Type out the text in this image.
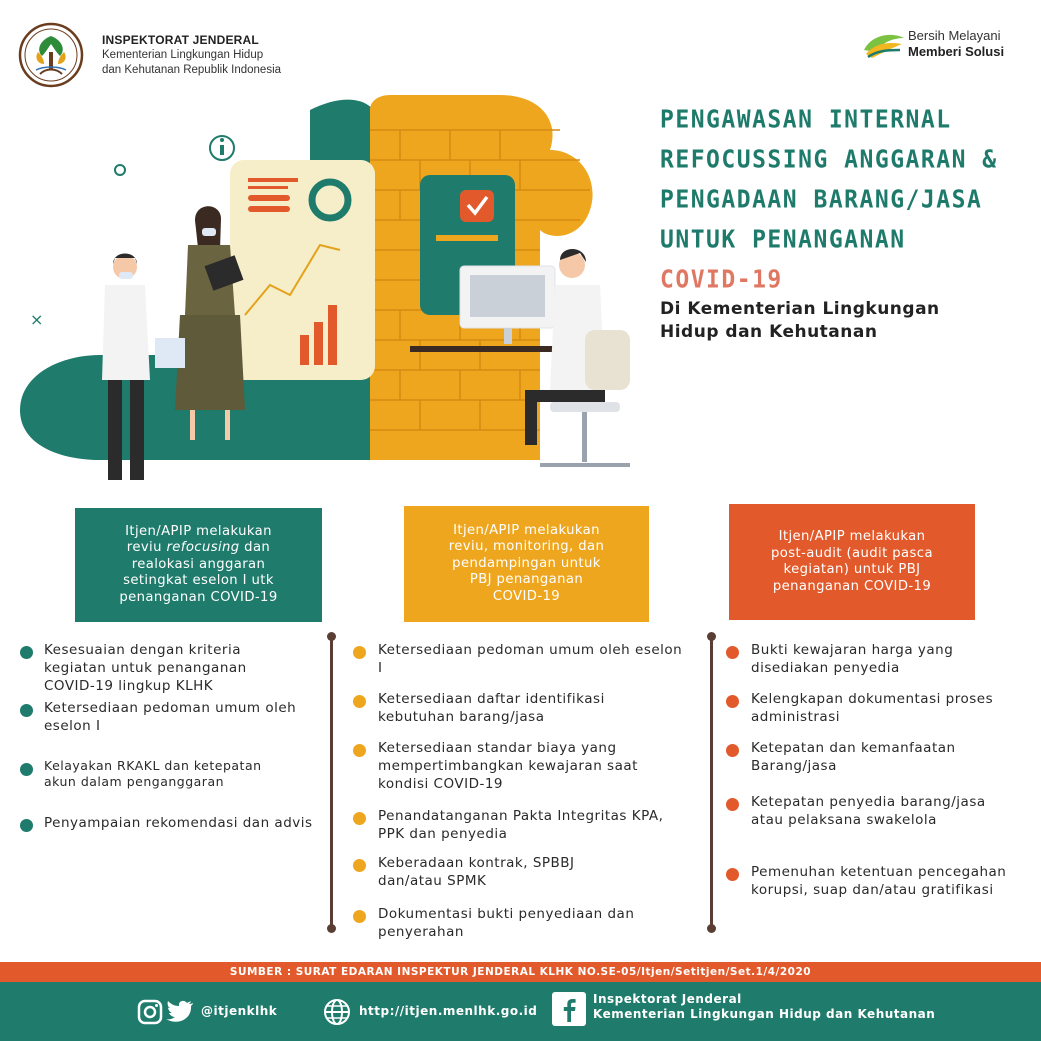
INSPEKTORAT JENDERAL
Kementerian Lingkungan Hidup
dan Kehutanan Republik Indonesia
Bersih Melayani
Memberi Solusi
PENGAWASAN INTERNAL
REFOCUSSING ANGGARAN &
PENGADAAN BARANG/JASA
UNTUK PENANGANAN
COVID-19
Di Kementerian Lingkungan
Hidup dan Kehutanan
×
Itjen/APIP melakukan
reviu refocusing dan
realokasi anggaran
setingkat eselon I utk
penanganan COVID-19
Itjen/APIP melakukan
reviu, monitoring, dan
pendampingan untuk
PBJ penanganan
COVID-19
Itjen/APIP melakukan
post-audit (audit pasca
kegiatan) untuk PBJ
penanganan COVID-19
Kesesuaian dengan kriteria kegiatan untuk penanganan COVID-19 lingkup KLHK
Ketersediaan pedoman umum oleh eselon I
Kelayakan RKAKL dan ketepatan akun dalam penganggaran
Penyampaian rekomendasi dan advis
Ketersediaan pedoman umum oleh eselon I
Ketersediaan daftar identifikasi kebutuhan barang/jasa
Ketersediaan standar biaya yang mempertimbangkan kewajaran saat kondisi COVID-19
Penandatanganan Pakta Integritas KPA, PPK dan penyedia
Keberadaan kontrak, SPBBJ dan/atau SPMK
Dokumentasi bukti penyediaan dan penyerahan
Bukti kewajaran harga yang disediakan penyedia
Kelengkapan dokumentasi proses administrasi
Ketepatan dan kemanfaatan Barang/jasa
Ketepatan penyedia barang/jasa atau pelaksana swakelola
Pemenuhan ketentuan pencegahan korupsi, suap dan/atau gratifikasi
SUMBER : SURAT EDARAN INSPEKTUR JENDERAL KLHK NO.SE-05/Itjen/Setitjen/Set.1/4/2020
@itjenklhk	http://itjen.menlhk.go.id
Inspektorat Jenderal
Kementerian Lingkungan Hidup dan Kehutanan
